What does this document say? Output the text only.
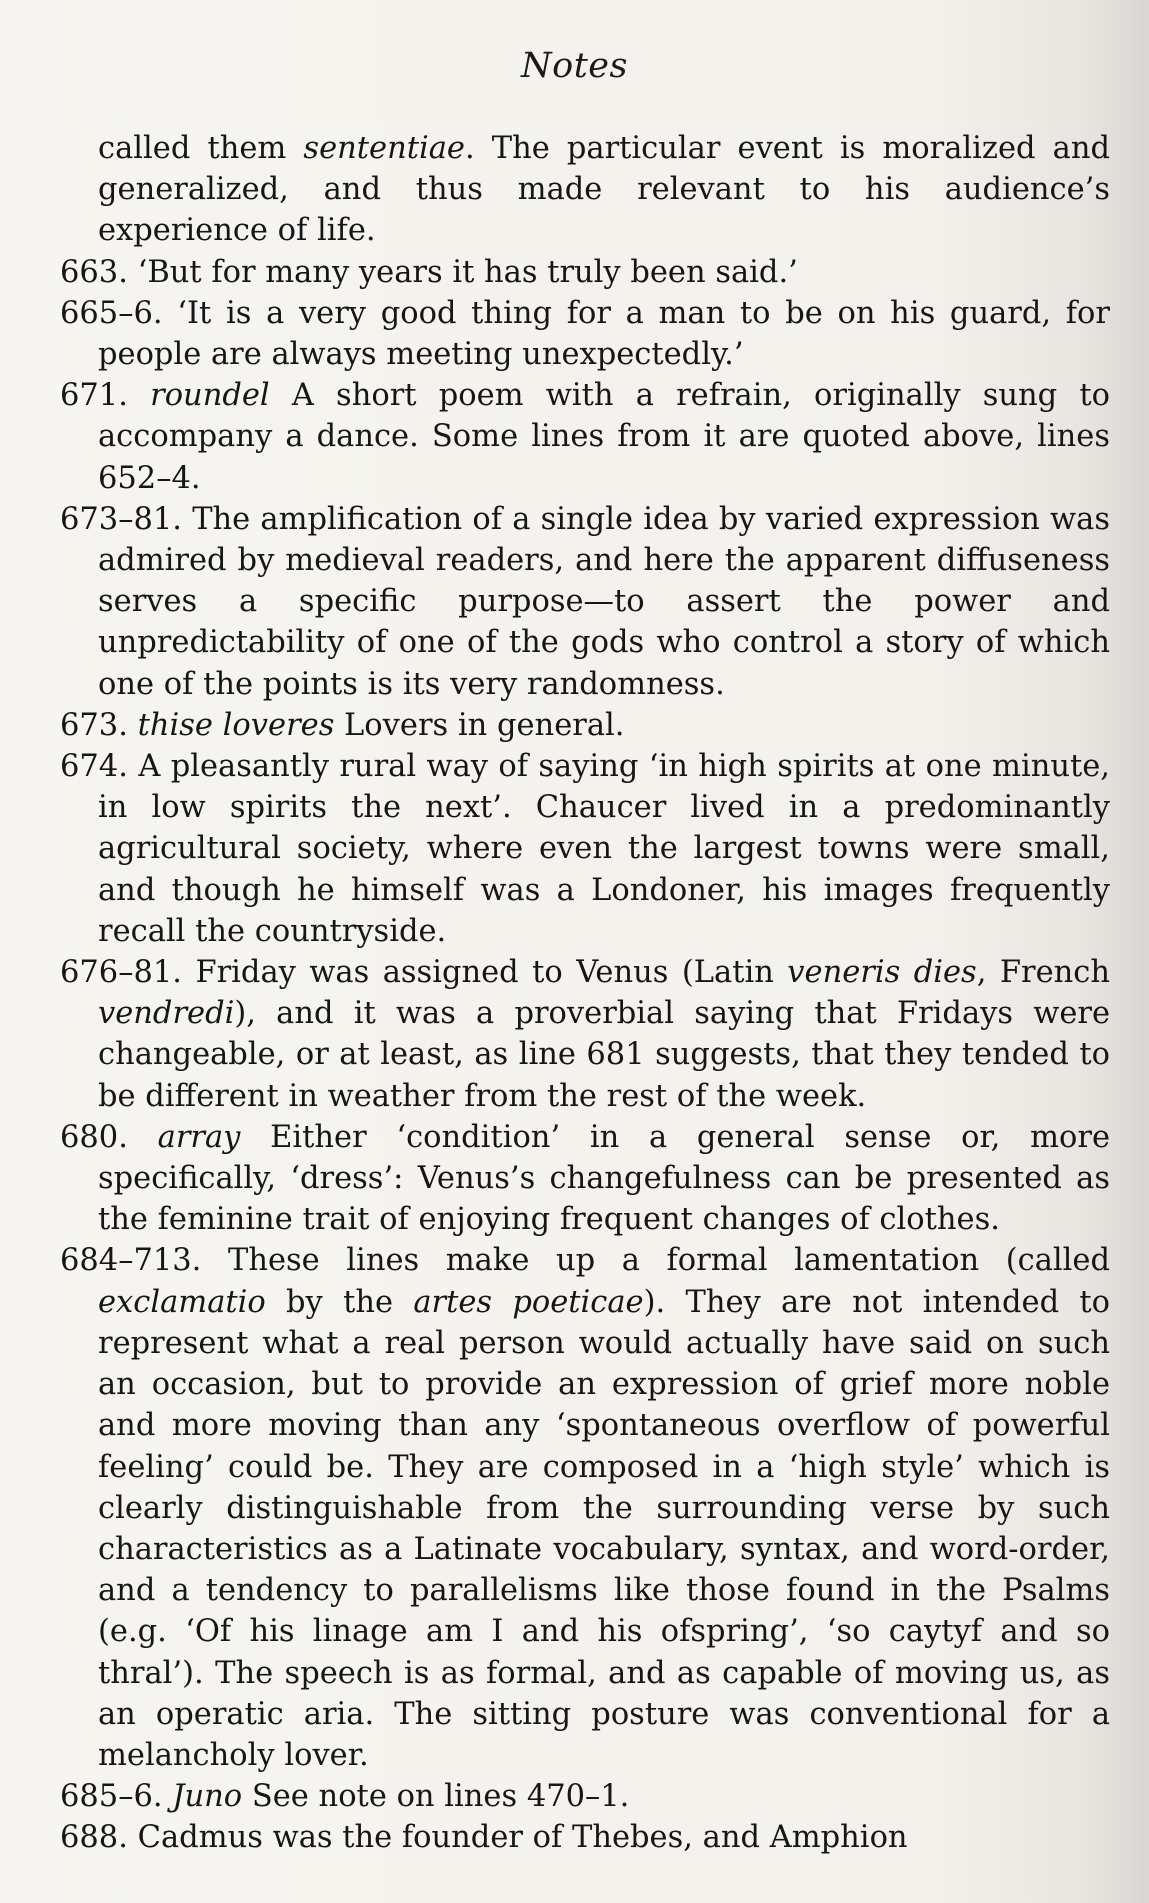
Notes
called them sententiae. The particular event is moralized and generalized, and thus made relevant to his audience’s experience of life.
663. ‘But for many years it has truly been said.’
665–6. ‘It is a very good thing for a man to be on his guard, for people are always meeting unexpectedly.’
671. roundel A short poem with a refrain, originally sung to accompany a dance. Some lines from it are quoted above, lines 652–4.
673–81. The amplification of a single idea by varied expression was admired by medieval readers, and here the apparent diffuseness serves a specific purpose—to assert the power and unpredictability of one of the gods who control a story of which one of the points is its very randomness.
673. thise loveres Lovers in general.
674. A pleasantly rural way of saying ‘in high spirits at one minute, in low spirits the next’. Chaucer lived in a predominantly agricultural society, where even the largest towns were small, and though he himself was a Londoner, his images frequently recall the countryside.
676–81. Friday was assigned to Venus (Latin veneris dies, French vendredi), and it was a proverbial saying that Fridays were changeable, or at least, as line 681 suggests, that they tended to be different in weather from the rest of the week.
680. array Either ‘condition’ in a general sense or, more specifically, ‘dress’: Venus’s changefulness can be presented as the feminine trait of enjoying frequent changes of clothes.
684–713. These lines make up a formal lamentation (called exclamatio by the artes poeticae). They are not intended to represent what a real person would actually have said on such an occasion, but to provide an expression of grief more noble and more moving than any ‘spontaneous overflow of powerful feeling’ could be. They are composed in a ‘high style’ which is clearly distinguishable from the surrounding verse by such characteristics as a Latinate vocabulary, syntax, and word-order, and a tendency to parallelisms like those found in the Psalms (e.g. ‘Of his linage am I and his ofspring’, ‘so caytyf and so thral’). The speech is as formal, and as capable of moving us, as an operatic aria. The sitting posture was conventional for a melancholy lover.
685–6. Juno See note on lines 470–1.
688. Cadmus was the founder of Thebes, and Amphion
